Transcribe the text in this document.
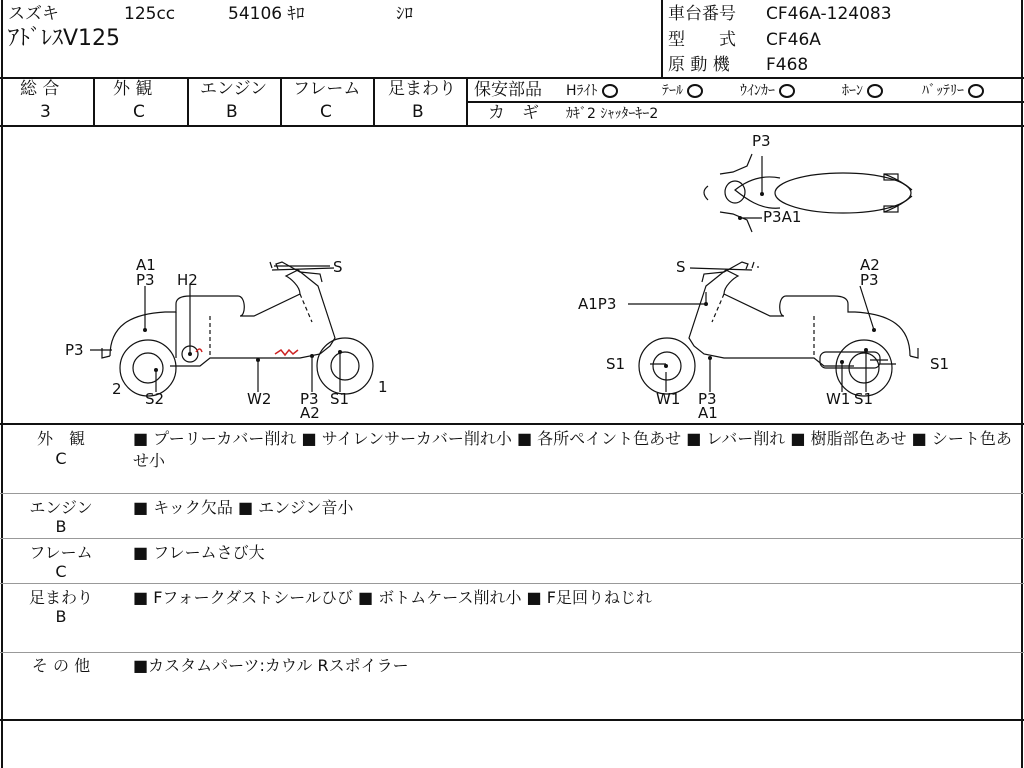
スズキ	125cc	54106 ｷﾛ	ｼﾛ
ｱﾄﾞﾚｽV125
車台番号 CF46A-124083
型　　式 CF46A
原 動 機 F468
総 合
3
外 観
C
エンジン
B
フレーム
C
足まわり
B
保安部品 Hﾗｲﾄ	ﾃｰﾙ	ｳｲﾝｶｰ	ﾎｰﾝ	ﾊﾞｯﾃﾘｰ
カ　ギ ｶｷﾞ2 ｼｬｯﾀｰｷｰ2
P3
P3A1
A1
P3 H2
S
P3
2
S2	W2 P3
A2
S1
1
S	A2
P3
A1P3
S1	S1
W1 P3
A1
W1 S1
外　観
C
■ プーリーカバー削れ ■ サイレンサーカバー削れ小 ■ 各所ペイント色あせ ■ レバー削れ ■ 樹脂部色あせ ■ シート色あせ小
エンジン
B
■ キック欠品 ■ エンジン音小
フレーム
C
■ フレームさび大
足まわり
B
■ Fフォークダストシールひび ■ ボトムケース削れ小 ■ F足回りねじれ
そ の 他	■カスタムパーツ:カウル Rスポイラー
